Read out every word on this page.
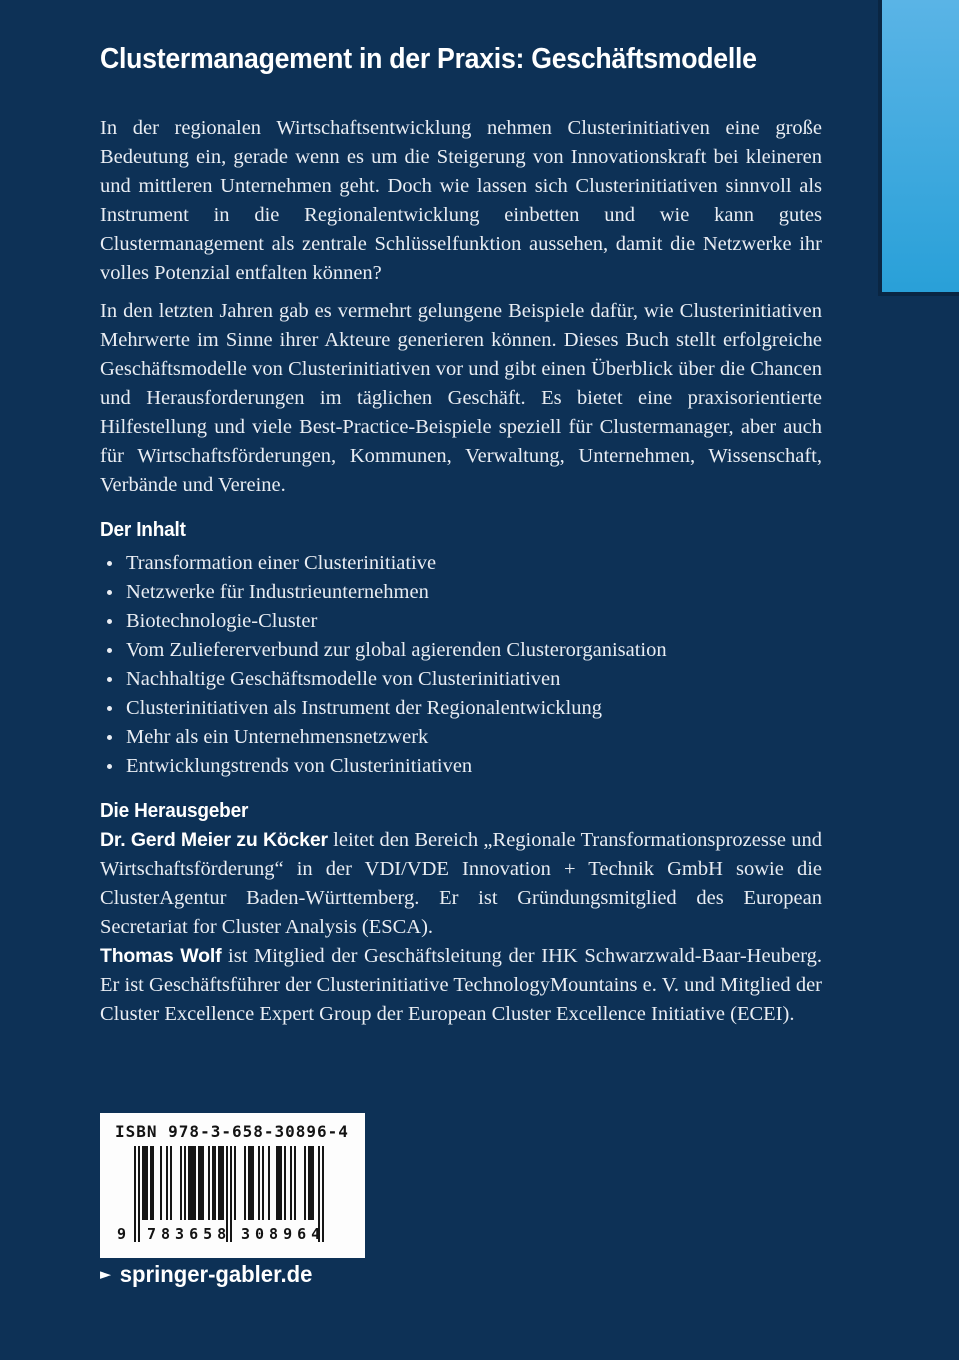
Clustermanagement in der Praxis: Geschäftsmodelle

In der regionalen Wirtschaftsentwicklung nehmen Clusterinitiativen eine große Bedeutung ein, gerade wenn es um die Steigerung von Innovationskraft bei kleineren und mittleren Unternehmen geht. Doch wie lassen sich Clusterinitiativen sinnvoll als Instrument in die Regionalentwicklung einbetten und wie kann gutes Clustermanagement als zentrale Schlüsselfunktion aussehen, damit die Netzwerke ihr volles Potenzial entfalten können?

In den letzten Jahren gab es vermehrt gelungene Beispiele dafür, wie Clusterinitiativen Mehrwerte im Sinne ihrer Akteure generieren können. Dieses Buch stellt erfolgreiche Geschäftsmodelle von Clusterinitiativen vor und gibt einen Überblick über die Chancen und Herausforderungen im täglichen Geschäft. Es bietet eine praxisorientierte Hilfestellung und viele Best-Practice-Beispiele speziell für Clustermanager, aber auch für Wirtschaftsförderungen, Kommunen, Verwaltung, Unternehmen, Wissenschaft, Verbände und Vereine.

Der Inhalt
Transformation einer Clusterinitiative
Netzwerke für Industrieunternehmen
Biotechnologie-Cluster
Vom Zuliefererverbund zur global agierenden Clusterorganisation
Nachhaltige Geschäftsmodelle von Clusterinitiativen
Clusterinitiativen als Instrument der Regionalentwicklung
Mehr als ein Unternehmensnetzwerk
Entwicklungstrends von Clusterinitiativen
Die Herausgeber

Dr. Gerd Meier zu Köcker leitet den Bereich „Regionale Transformationsprozesse und Wirtschaftsförderung“ in der VDI/VDE Innovation + Technik GmbH sowie die ClusterAgentur Baden-Württemberg. Er ist Gründungsmitglied des European Secretariat for Cluster Analysis (ESCA).

Thomas Wolf ist Mitglied der Geschäftsleitung der IHK Schwarzwald-Baar-Heuberg. Er ist Geschäftsführer der Clusterinitiative TechnologyMountains e. V. und Mitglied der Cluster Excellence Expert Group der European Cluster Excellence Initiative (ECEI).

ISBN 978-3-658-30896-4
9	783658 308964
► springer-gabler.de
